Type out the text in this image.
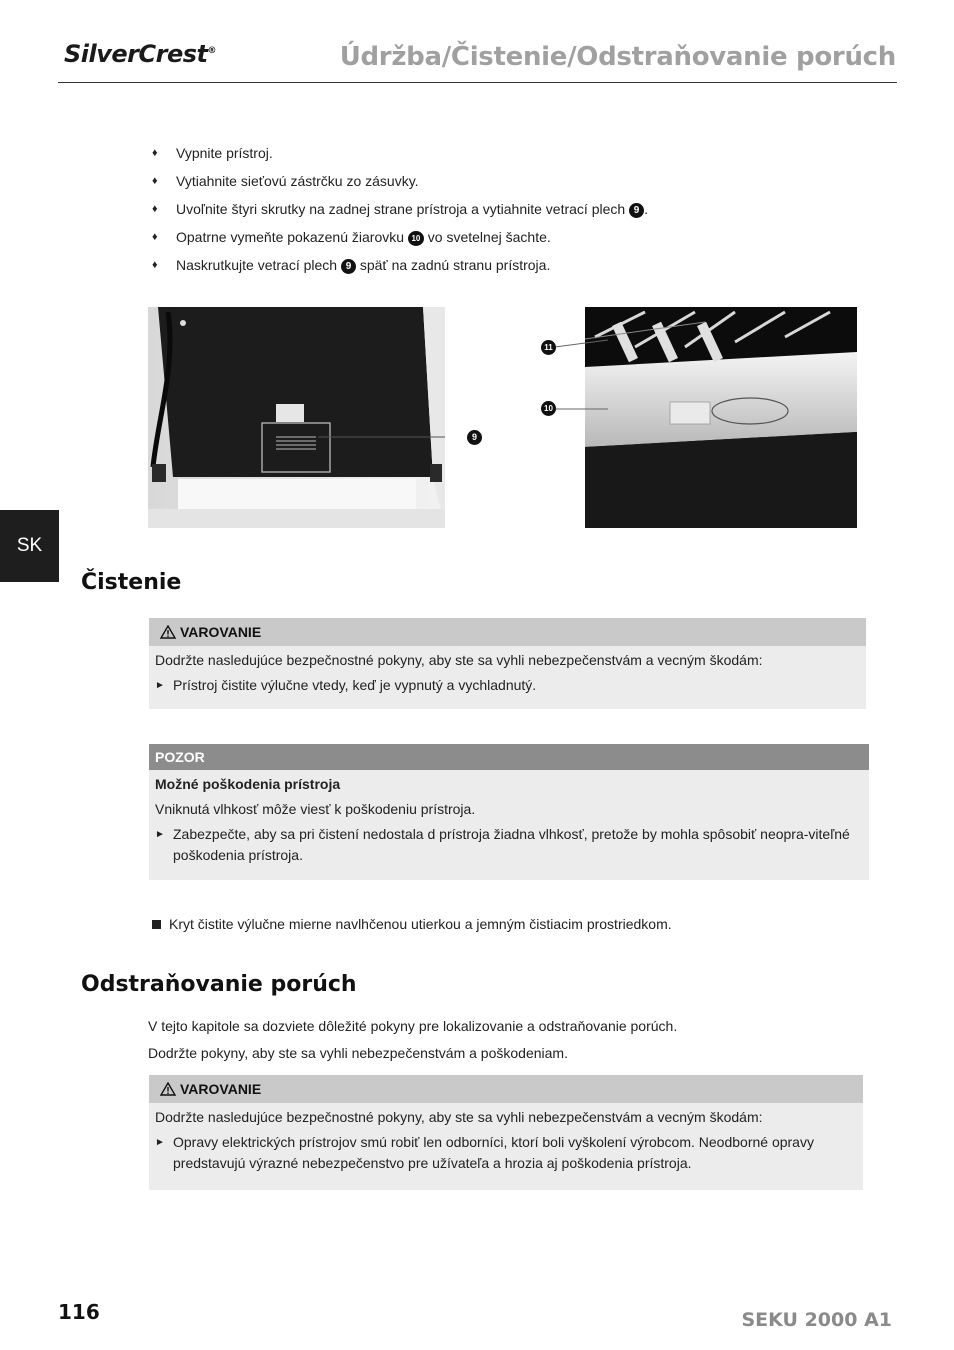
SilverCrest®	Údržba/Čistenie/Odstraňovanie porúch
♦ Vypnite prístroj.
♦ Vytiahnite sieťovú zástrčku zo zásuvky.
♦ Uvoľnite štyri skrutky na zadnej strane prístroja a vytiahnite vetrací plech 9 .
♦ Opatrne vymeňte pokazenú žiarovku 10 vo svetelnej šachte.
♦ Naskrutkujte vetrací plech 9 späť na zadnú stranu prístroja.
9
11
10
SK
Čistenie
VAROVANIE

Dodržte nasledujúce bezpečnostné pokyny, aby ste sa vyhli nebezpečenstvám a vecným škodám:

► Prístroj čistite výlučne vtedy, keď je vypnutý a vychladnutý.
POZOR

Možné poškodenia prístroja

Vniknutá vlhkosť môže viesť k poškodeniu prístroja.

► Zabezpečte, aby sa pri čistení nedostala d prístroja žiadna vlhkosť, pretože by mohla spôsobiť neopra-viteľné poškodenia prístroja.
Kryt čistite výlučne mierne navlhčenou utierkou a jemným čistiacim prostriedkom.
Odstraňovanie porúch
V tejto kapitole sa dozviete dôležité pokyny pre lokalizovanie a odstraňovanie porúch.
Dodržte pokyny, aby ste sa vyhli nebezpečenstvám a poškodeniam.
VAROVANIE

Dodržte nasledujúce bezpečnostné pokyny, aby ste sa vyhli nebezpečenstvám a vecným škodám:

► Opravy elektrických prístrojov smú robiť len odborníci, ktorí boli vyškolení výrobcom. Neodborné opravy predstavujú výrazné nebezpečenstvo pre užívateľa a hrozia aj poškodenia prístroja.
116	SEKU 2000 A1
